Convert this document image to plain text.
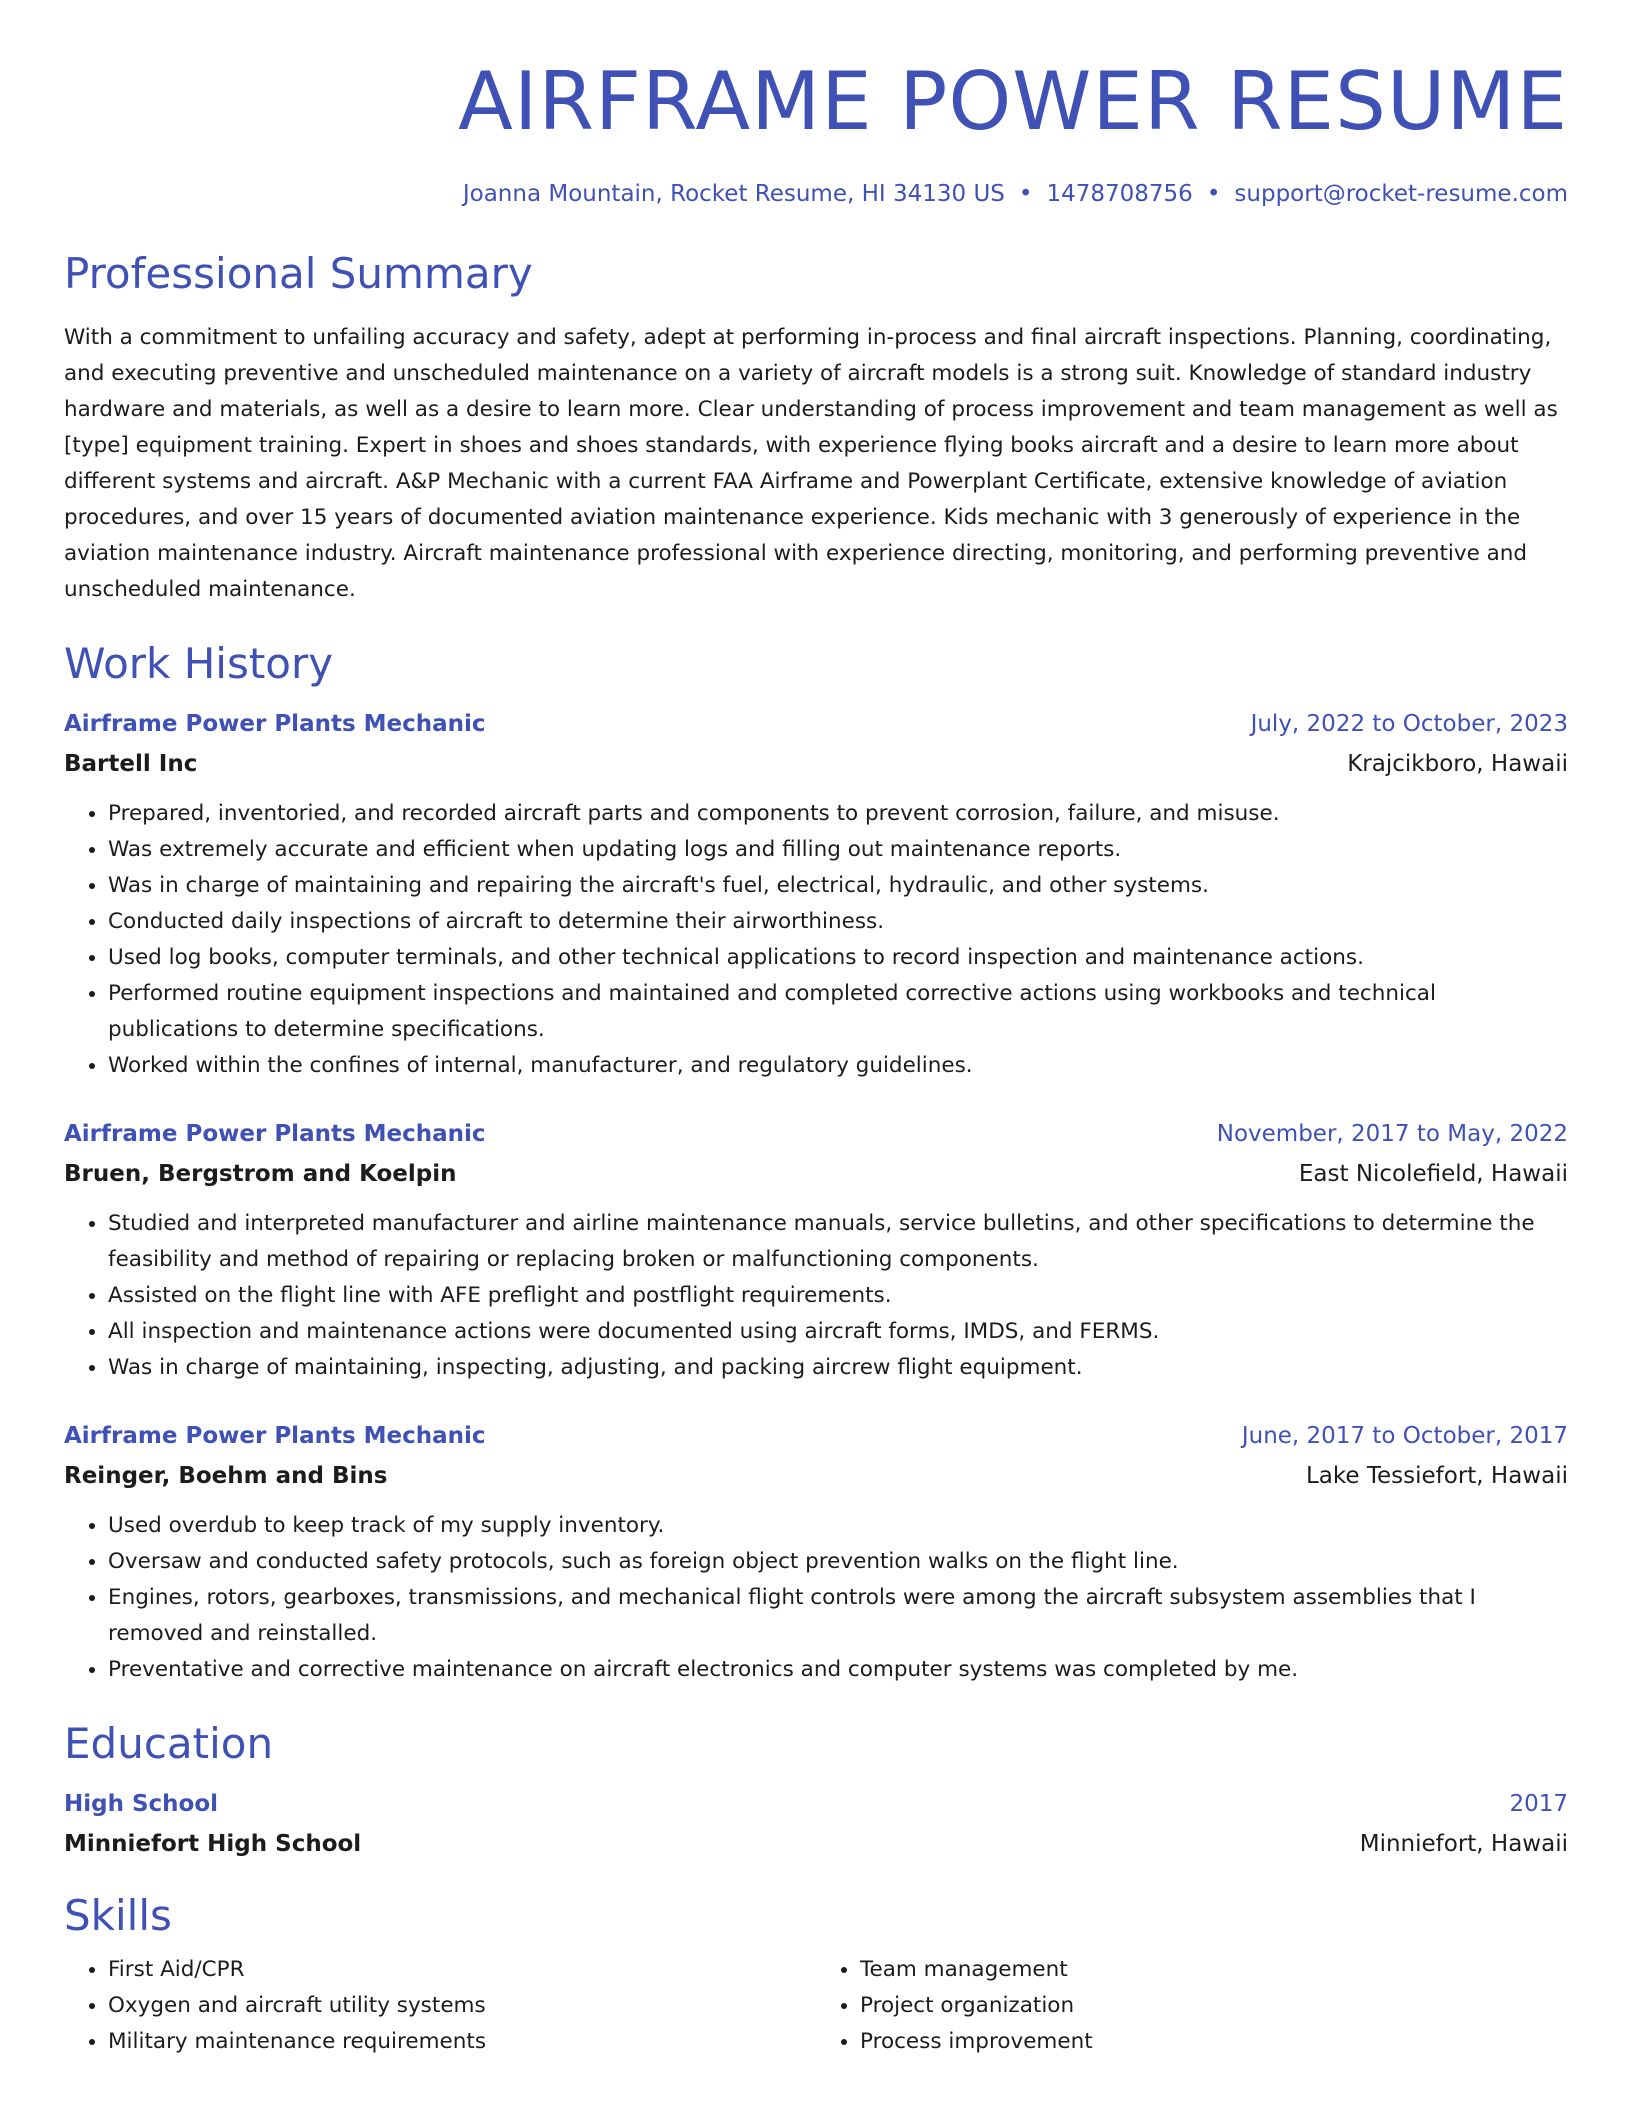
AIRFRAME POWER RESUME
Joanna Mountain, Rocket Resume, HI 34130 US • 1478708756 • support@rocket-resume.com
Professional Summary

With a commitment to unfailing accuracy and safety, adept at performing in-process and final aircraft inspections. Planning, coordinating, and executing preventive and unscheduled maintenance on a variety of aircraft models is a strong suit. Knowledge of standard industry hardware and materials, as well as a desire to learn more. Clear understanding of process improvement and team management as well as [type] equipment training. Expert in shoes and shoes standards, with experience flying books aircraft and a desire to learn more about different systems and aircraft. A&P Mechanic with a current FAA Airframe and Powerplant Certificate, extensive knowledge of aviation procedures, and over 15 years of documented aviation maintenance experience. Kids mechanic with 3 generously of experience in the aviation maintenance industry. Aircraft maintenance professional with experience directing, monitoring, and performing preventive and unscheduled maintenance.

Work History
Airframe Power Plants Mechanic	July, 2022 to October, 2023
Bartell Inc	Krajcikboro, Hawaii
• Prepared, inventoried, and recorded aircraft parts and components to prevent corrosion, failure, and misuse.
• Was extremely accurate and efficient when updating logs and filling out maintenance reports.
• Was in charge of maintaining and repairing the aircraft's fuel, electrical, hydraulic, and other systems.
• Conducted daily inspections of aircraft to determine their airworthiness.
• Used log books, computer terminals, and other technical applications to record inspection and maintenance actions.
• Performed routine equipment inspections and maintained and completed corrective actions using workbooks and technical publications to determine specifications.
• Worked within the confines of internal, manufacturer, and regulatory guidelines.
Airframe Power Plants Mechanic	November, 2017 to May, 2022
Bruen, Bergstrom and Koelpin	East Nicolefield, Hawaii
• Studied and interpreted manufacturer and airline maintenance manuals, service bulletins, and other specifications to determine the feasibility and method of repairing or replacing broken or malfunctioning components.
• Assisted on the flight line with AFE preflight and postflight requirements.
• All inspection and maintenance actions were documented using aircraft forms, IMDS, and FERMS.
• Was in charge of maintaining, inspecting, adjusting, and packing aircrew flight equipment.
Airframe Power Plants Mechanic	June, 2017 to October, 2017
Reinger, Boehm and Bins	Lake Tessiefort, Hawaii
• Used overdub to keep track of my supply inventory.
• Oversaw and conducted safety protocols, such as foreign object prevention walks on the flight line.
• Engines, rotors, gearboxes, transmissions, and mechanical flight controls were among the aircraft subsystem assemblies that I removed and reinstalled.
• Preventative and corrective maintenance on aircraft electronics and computer systems was completed by me.
Education
High School	2017
Minniefort High School	Minniefort, Hawaii
Skills
• First Aid/CPR
• Oxygen and aircraft utility systems
• Military maintenance requirements
• Team management
• Project organization
• Process improvement
